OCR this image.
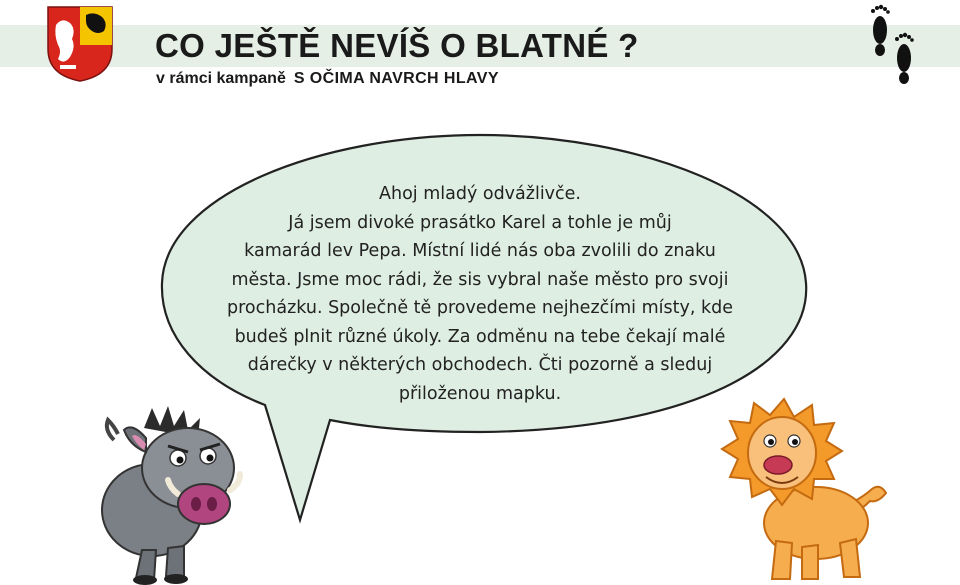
CO JEŠTĚ NEVÍŠ O BLATNÉ ?
v rámci kampaně S OČIMA NAVRCH HLAVY
Ahoj mladý odvážlivče.
Já jsem divoké prasátko Karel a tohle je můj
kamarád lev Pepa. Místní lidé nás oba zvolili do znaku
města. Jsme moc rádi, že sis vybral naše město pro svoji
procházku. Společně tě provedeme nejhezčími místy, kde
budeš plnit různé úkoly. Za odměnu na tebe čekají malé
dárečky v některých obchodech. Čti pozorně a sleduj
přiloženou mapku.
